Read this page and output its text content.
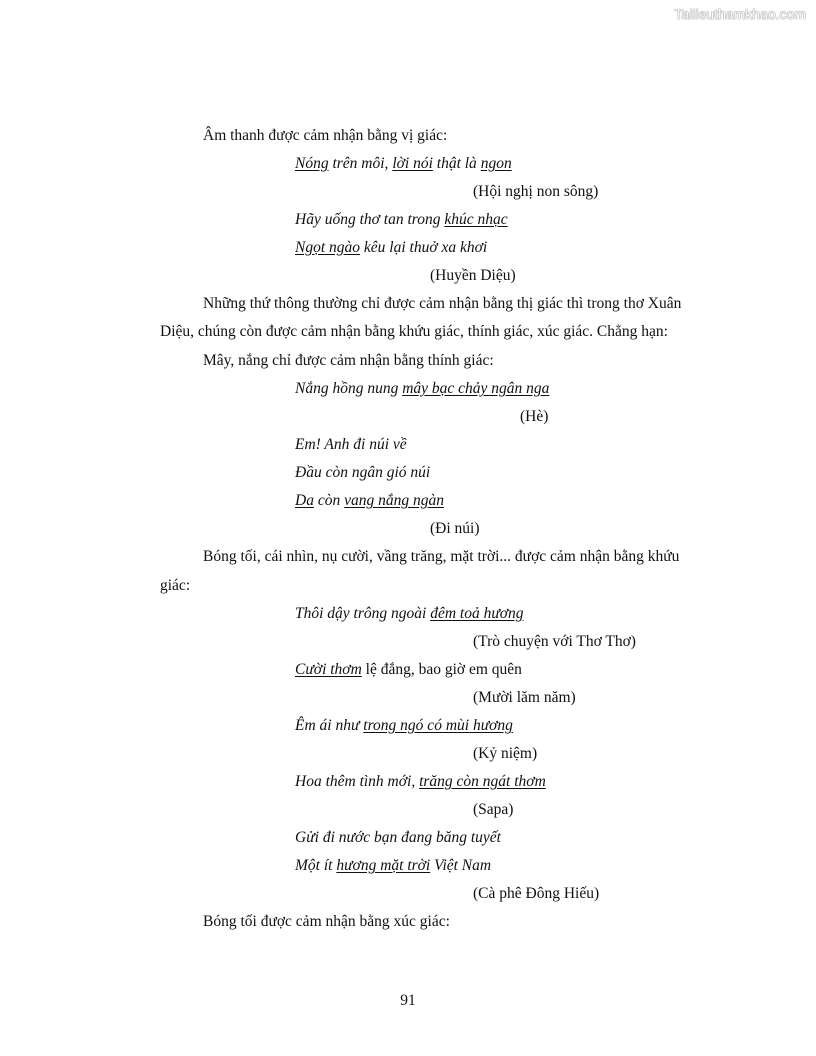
Tailieuthamkhao.com
Âm thanh được cảm nhận bằng vị giác:
Nóng trên môi, lời nói thật là ngon
(Hội nghị non sông)
Hãy uống thơ tan trong khúc nhạc
Ngọt ngào kêu lại thuở xa khơi
(Huyền Diệu)
Những thứ thông thường chỉ được cảm nhận bằng thị giác thì trong thơ Xuân
Diệu, chúng còn được cảm nhận bằng khứu giác, thính giác, xúc giác. Chẳng hạn:
Mây, nắng chỉ được cảm nhận bằng thính giác:
Nắng hồng nung mây bạc chảy ngân nga
(Hè)
Em! Anh đi núi về
Đầu còn ngân gió núi
Da còn vang nắng ngàn
(Đi núi)
Bóng tối, cái nhìn, nụ cười, vầng trăng, mặt trời... được cảm nhận bằng khứu
giác:
Thôi dậy trông ngoài đêm toả hương
(Trò chuyện với Thơ Thơ)
Cười thơm lệ đắng, bao giờ em quên
(Mười lăm năm)
Êm ái như trong ngó có mùi hương
(Kỷ niệm)
Hoa thêm tình mới, trăng còn ngát thơm
(Sapa)
Gửi đi nước bạn đang băng tuyết
Một ít hương mặt trời Việt Nam
(Cà phê Đông Hiếu)
Bóng tối được cảm nhận bằng xúc giác:
91
